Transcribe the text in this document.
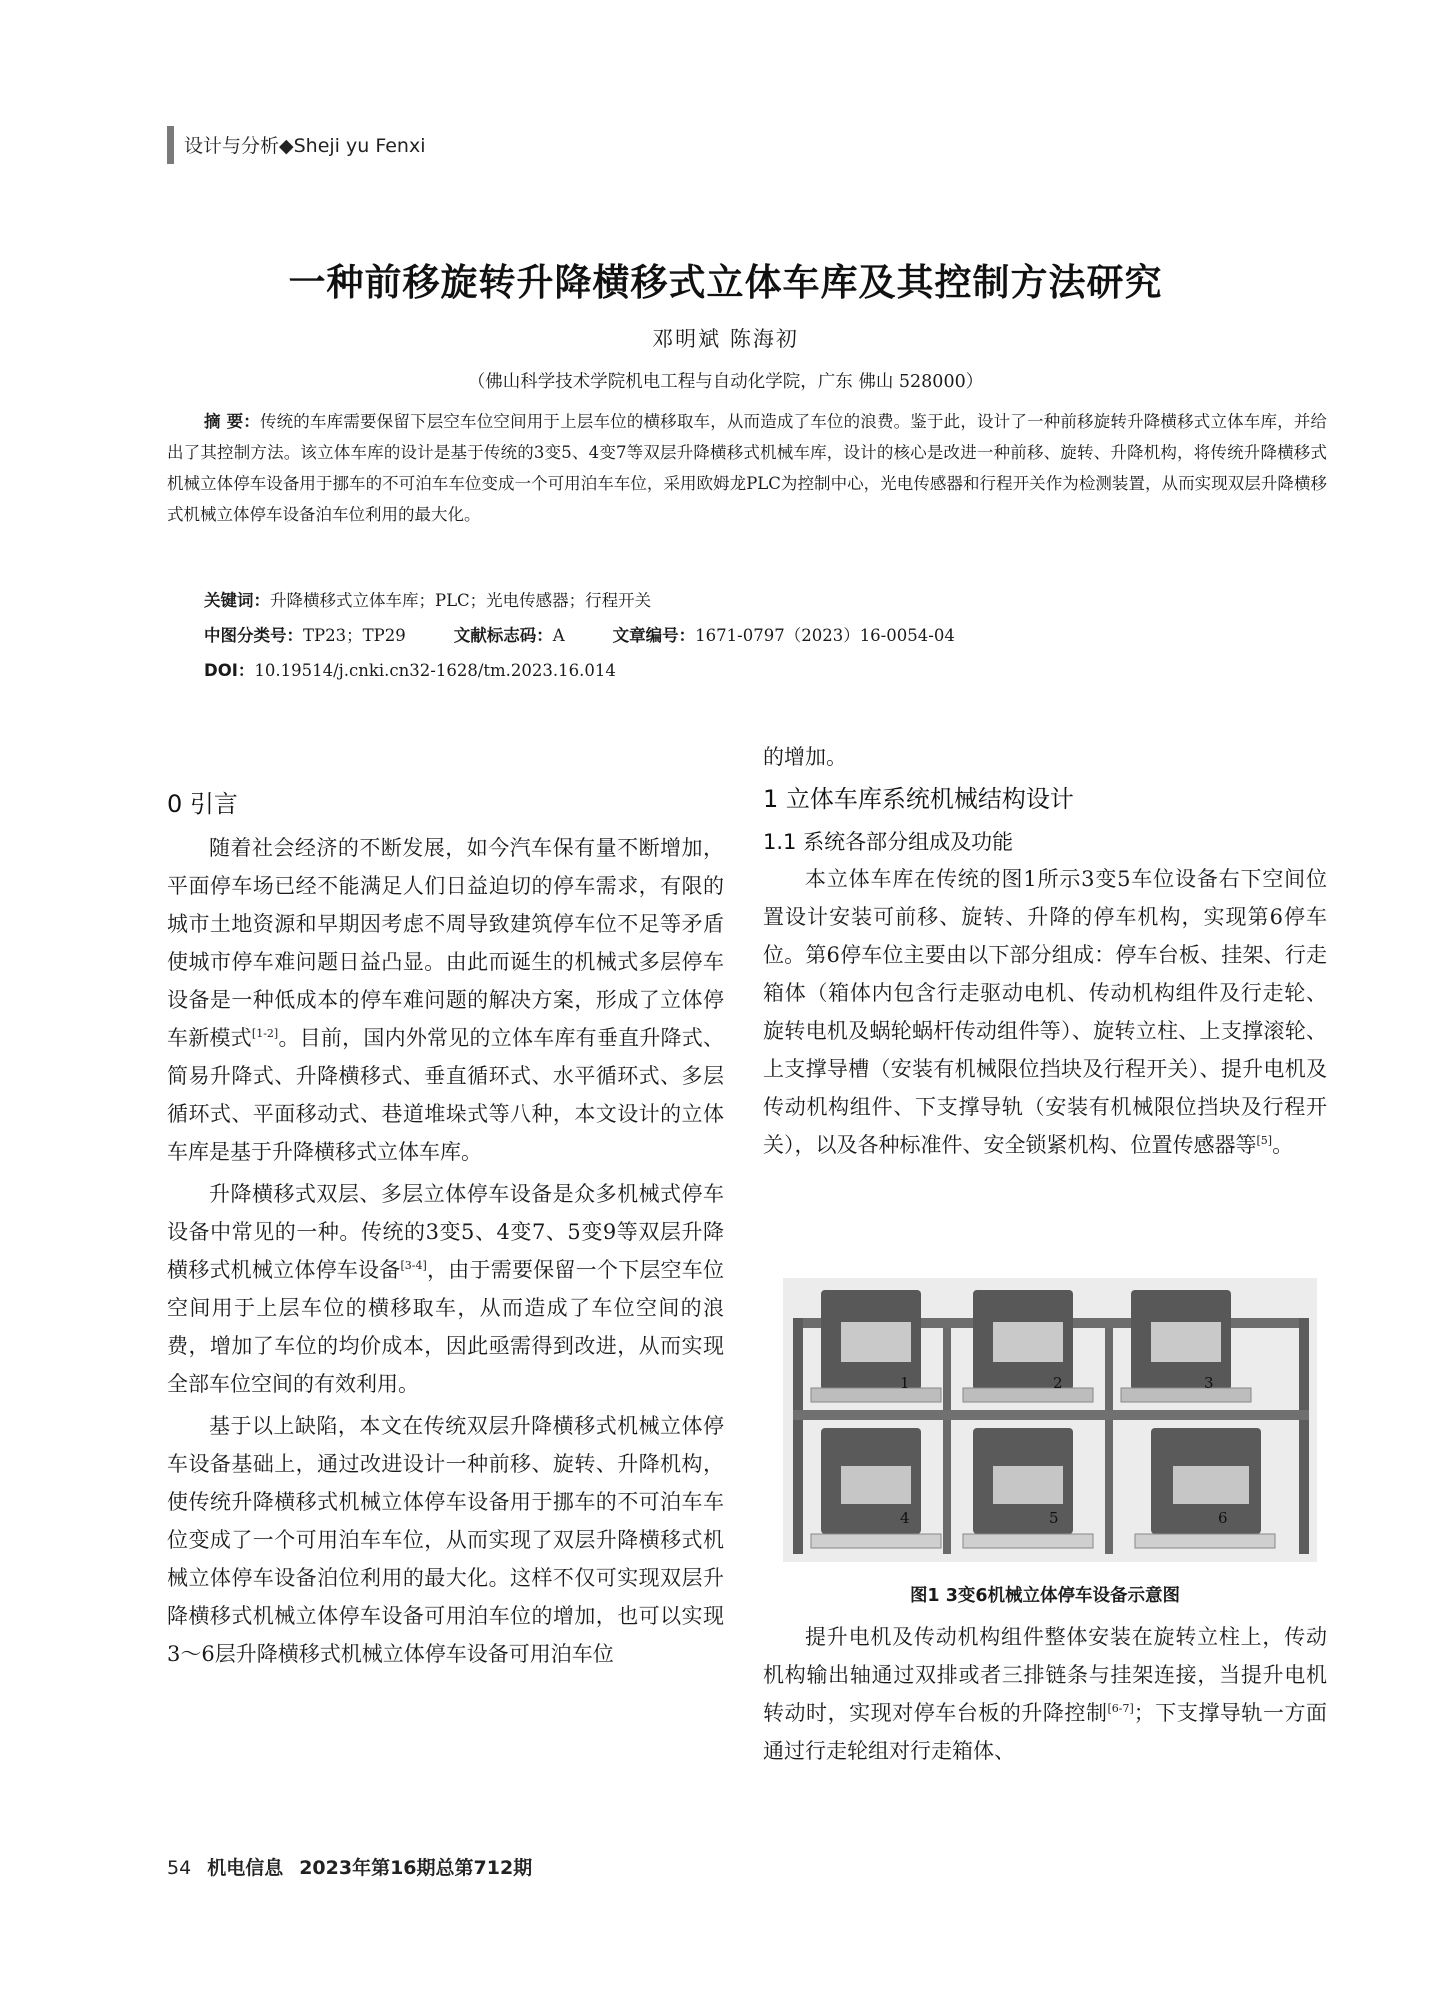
设计与分析◆Sheji yu Fenxi
一种前移旋转升降横移式立体车库及其控制方法研究
邓明斌 陈海初
（佛山科学技术学院机电工程与自动化学院，广东 佛山 528000）
摘 要：传统的车库需要保留下层空车位空间用于上层车位的横移取车，从而造成了车位的浪费。鉴于此，设计了一种前移旋转升降横移式立体车库，并给出了其控制方法。该立体车库的设计是基于传统的3变5、4变7等双层升降横移式机械车库，设计的核心是改进一种前移、旋转、升降机构，将传统升降横移式机械立体停车设备用于挪车的不可泊车车位变成一个可用泊车车位，采用欧姆龙PLC为控制中心，光电传感器和行程开关作为检测装置，从而实现双层升降横移式机械立体停车设备泊车位利用的最大化。
关键词：升降横移式立体车库；PLC；光电传感器；行程开关
中图分类号：TP23；TP29	文献标志码：A	文章编号：1671-0797（2023）16-0054-04
DOI：10.19514/j.cnki.cn32-1628/tm.2023.16.014
0 引言

随着社会经济的不断发展，如今汽车保有量不断增加，平面停车场已经不能满足人们日益迫切的停车需求，有限的城市土地资源和早期因考虑不周导致建筑停车位不足等矛盾使城市停车难问题日益凸显。由此而诞生的机械式多层停车设备是一种低成本的停车难问题的解决方案，形成了立体停车新模式[1-2]。目前，国内外常见的立体车库有垂直升降式、简易升降式、升降横移式、垂直循环式、水平循环式、多层循环式、平面移动式、巷道堆垛式等八种，本文设计的立体车库是基于升降横移式立体车库。

升降横移式双层、多层立体停车设备是众多机械式停车设备中常见的一种。传统的3变5、4变7、5变9等双层升降横移式机械立体停车设备[3-4]，由于需要保留一个下层空车位空间用于上层车位的横移取车，从而造成了车位空间的浪费，增加了车位的均价成本，因此亟需得到改进，从而实现全部车位空间的有效利用。

基于以上缺陷，本文在传统双层升降横移式机械立体停车设备基础上，通过改进设计一种前移、旋转、升降机构，使传统升降横移式机械立体停车设备用于挪车的不可泊车车位变成了一个可用泊车车位，从而实现了双层升降横移式机械立体停车设备泊位利用的最大化。这样不仅可实现双层升降横移式机械立体停车设备可用泊车位的增加，也可以实现3～6层升降横移式机械立体停车设备可用泊车位

的增加。

1 立体车库系统机械结构设计
1.1 系统各部分组成及功能

本立体车库在传统的图1所示3变5车位设备右下空间位置设计安装可前移、旋转、升降的停车机构，实现第6停车位。第6停车位主要由以下部分组成：停车台板、挂架、行走箱体（箱体内包含行走驱动电机、传动机构组件及行走轮、旋转电机及蜗轮蜗杆传动组件等）、旋转立柱、上支撑滚轮、上支撑导槽（安装有机械限位挡块及行程开关）、提升电机及传动机构组件、下支撑导轨（安装有机械限位挡块及行程开关），以及各种标准件、安全锁紧机构、位置传感器等[5]。

1	2	3
4	5	6
图1 3变6机械立体停车设备示意图

提升电机及传动机构组件整体安装在旋转立柱上，传动机构输出轴通过双排或者三排链条与挂架连接，当提升电机转动时，实现对停车台板的升降控制[6-7]；下支撑导轨一方面通过行走轮组对行走箱体、

54 机电信息 2023年第16期总第712期
